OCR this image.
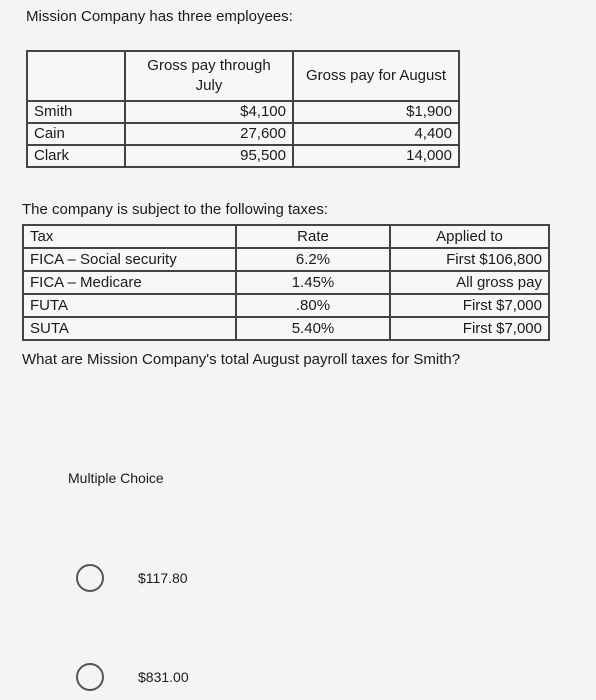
Mission Company has three employees:
	Gross pay through July	Gross pay for August
Smith	$4,100	$1,900
Cain	27,600	4,400
Clark	95,500	14,000
The company is subject to the following taxes:
Tax	Rate	Applied to
FICA – Social security	6.2%	First $106,800
FICA – Medicare	1.45%	All gross pay
FUTA	.80%	First $7,000
SUTA	5.40%	First $7,000
What are Mission Company's total August payroll taxes for Smith?
Multiple Choice
$117.80
$831.00
